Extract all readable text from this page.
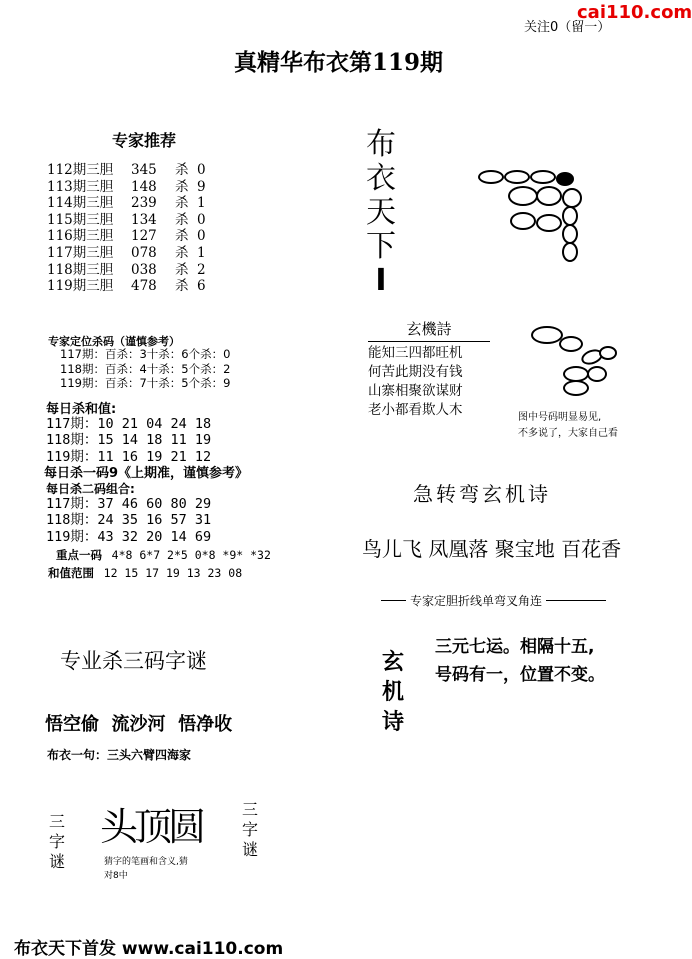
关注0（留一）
cai110.com
真精华布衣第119期
专家推荐
112期三胆 345 杀 0
113期三胆 148 杀 9
114期三胆 239 杀 1
115期三胆 134 杀 0
116期三胆 127 杀 0
117期三胆 078 杀 1
118期三胆 038 杀 2
119期三胆 478 杀 6
专家定位杀码（谨慎参考）
117期：百杀：3十杀：6个杀：0
118期：百杀：4十杀：5个杀：2
119期：百杀：7十杀：5个杀：9
每日杀和值:
117期：10 21 04 24 18
118期：15 14 18 11 19
119期：11 16 19 21 12
每日杀一码9《上期准，谨慎参考》
每日杀二码组合:
117期：37 46 60 80 29
118期：24 35 16 57 31
119期：43 32 20 14 69
重点一码 4*8 6*7 2*5 0*8 *9* *32
和值范围 12 15 17 19 13 23 08
专业杀三码字谜
悟空偷  流沙河  悟净收
布衣一句：三头六臂四海家
三字谜
头顶圆
猜字的笔画和含义,猜
对8中
三字谜
布
衣
天
下
I
玄機詩
能知三四都旺机
何苦此期没有钱
山寨相聚欲谋财
老小都看欺人木	图中号码明显易见,
不多说了，大家自己看
急转弯玄机诗
鸟儿飞 凤凰落 聚宝地 百花香
专家定胆折线单弯叉角连
玄
机
诗
三元七运。相隔十五,
号码有一，位置不变。
布衣天下首发 www.cai110.com
